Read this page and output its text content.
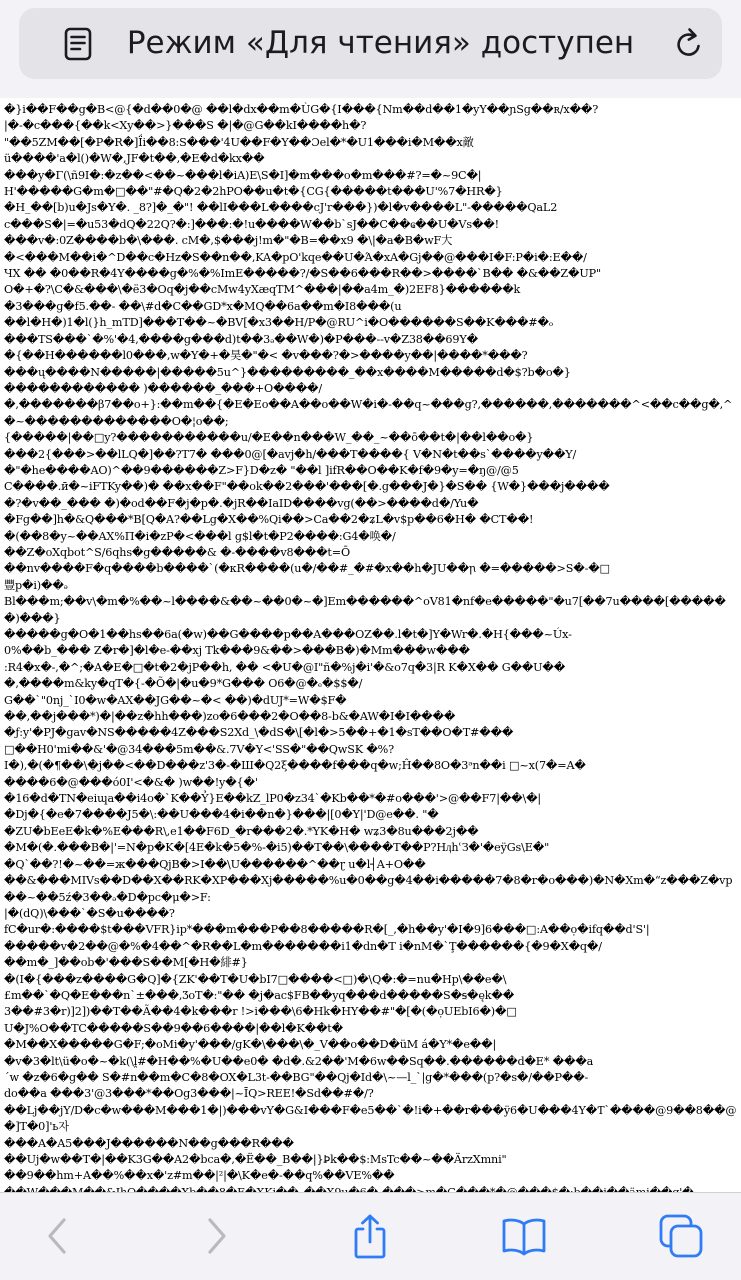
Режим «Для чтения» доступен
�}i��F��g�B<@{�d��0�@ ��l�dx��m�ÙG�{I���{Nm��d��1�yY��ɲSg��ʀ/x��?
|�-�c���{��k<Xy��>}���S �|�@G��kI����h�?
"��5ZM��[�P�R�]Ḯi��8:S���'4U��F�Y��Ɔel�*�U1���i�M��x敵
ü����'a�l()�W�,JF�t��,�E�d�kx��
���y�Γ(\ñ9I�:�z��<��~���l�iA)E\S�I]�m���o�m���#?=�~9C�|
H'�����G�m�□��"#�Q�2�2hPO��u�t�{CG{�����t���U'%7�HR�}
�H_��[b)u�Js�Y�. _8?]�_�"! ��lI���L����cJ'r���})�l�v����L"-�����QaL2
c���S�|=�u53�dQ�22Q?�:]���:�!u����W��b`sJ��C��ҩ��U�Vs��!
���v�:0Z����b�\���. cM�,$���j!m�"�B=��x9 �\|�a�B�wF大
�<���M��i�^D��c�Hz�S��n��,KA�pO'kqe��U�Ά�xA�Gj��@���I�F:P�i�:E��/
ЧX �� �0��R�4Y����g�%�%ImE�����?/�S��6���R��>����`B�� �&��Z�UP"
О�+�?\C�&���\�ё3�Oq�j��cMw4yXæqTM^���|��a4m_�)2EF8}������k
�3���g�f5.��- ��\#d�C��GD*x�MQ��6a��m�I8���(u
��l�H�)1�l(}h_mTD]���T��~�BV[�x3��H/P�@RU^i�O������S��K���#�ₒ
���TS���`�%'�4,����g���d)t��3ₔ��W�)�P���--v�Z38��69Y�
�{��H������l0���,w�Y�+�昊�"�< �v���?�>����y��|����*���?
���ų����N�����|�����5u^}���������_��x����M�����d�$?b�o�}
������������ )������_���+O����/
�,�������β7��o+}:��m��{�E�Eo��A��o��W�i�-��q~���g?,������,�������^<��c��g�,^�~�������������O�¦o��;
{�����|��□y?�����������u/�E��n���W_��_~��ō��t�|��l��o�}
���2{���>��lLQ�]��?T7� ���0@[�avj�h/���T����{ V�N�t��s`����y��Y/
�"�he����AO)^��9������Z>F}D�z� "��l ]ifR��O��K�f�9�y=�ŋ@/@5
C����.ӣ�~iFTKy��)� ��x��F"��ok��2���'���[�.g���J�}�S�� {W�}���j����
�?�v��_��� �)�od��F�j�p�.�jR��IaID����vg(��>����d�/Yu�
�Fg��]h�&Q���*B[Q�A?��Lg�X��%Qi��>Ca��2�ʑL�v$p��6�H� �CT��!
�(��8�y~��AX%П�i�zP�<���l g$l�t�P2����:G4�唤�/
��Z�oXqbot^S/6qhs�g�����& �-����v8���t=Ō
��nv����F�q����b����`(�κR����(u�/��#_�#�x��h�JU��ꞃ �=�����>S�-�□
豐p�i)��ₔ
Bl���m;��v\�m�%��~l����&��~��0�~�]Em������^oV81�nf�e�����"�u7[��7u����[������)���}
�����g�O�1��hs��6a(�w)��G����p��A���OZ��.l�t�]Y�Wr�.�H{���~Úx-
0%��b_��� Z�r�]�l�e-��xj Tk���9&��>���B�)�Mm���w���
:R4�x�-,�^;�A�E�□�t�2�jP��h, �� <�U�@I"ñ�%j�i'�&o7q�3|R K�X�� G��U��
�,����m&ky�qT�{-�Õ�|�u�9*G��� O6�@�ₑ�$$�/
G��`"0nj_`I0�w�AX��JG��~�< ��)�dUJ*=W�$F�
��,��j���*)�|��z�hh���)zo�6���2�O��8-b&�AW�I�I����
�ƒ:y'�PJ�gav�NS�����4Z���S2Xd_\�dS�\[�l�>5��+�1�sT��O�T#���
□��H0'mi��&'�@34���5m��&.7V�Y<'SS�"��QwSK �%?
I�),�(�¶��\�j��<��D���z'3�-�Ш�Q2ξ����f���q�w;Ĥ��8O�3ᵊn��i □~x(7�=A�
����6�@���ó0I'<�&� )w��!y�{�'
�16�d�TN�eiɰa��i4o�`K��Ỷ}E��kZ_lP0�z34`�Kb��*�#o���'>@��F7|��\�|
�Dj�{�e�7����J5�\:��U���4�i��n�}���|[0�Y|'D@e��. "�
�ZU�bEeE�k�%E���R\,e1��F6D_�r���2�.*YK�H� wʑ3�8u���2j��
�M�(�.���B�|'=N�p�K�[4E�k�5�%-�i5)��T��\����T��P?HӆhՙЗ�'�eÿGs\E�"
�Q`��?!�~��=ж���QjB�>I��\U������^��ɽ u�l┤A+O��
��&���MIVs��D��X��RK�XP���Xj�����%u�0��g�4��i�����7�8�r�o���)�N�Xm�“z���Z�vp��~��5ź�3��ₔ�D�pc�μ�>F:
|�(dQ)\���`�S�u����?
fC�ur�:����$t���VFR}ip*���m���P��8�����R�[_,�h��y'�I�9]6���□:A��ọ�ifq��d'S'|
�����v�2��@�%�4��^�R��L�m�������i1�dn�T i�nM�`Ţ������{�9�X�q�/
��m�_]��ob�'���S��M[�H�緋#}
�(I�{���z����G�Q]�{ZK'��T�U�bI7□����<□)�\Q�:�=nu�Hp\��e�\
£m��`�Q�E���n`±���,ƷoT�:"�� �j�ac$FB��yq���d�����S�ꟊ�ęk��
3��#3�r)]2])��T��Ã��4�k���r !>i���\6�Hk�HY��#"�[�(�ọUEbI6�)�□
U�J%O��TC�����S��9��6����|��l�K��t�
�M��X�����G�F;�oMi�y'���/gK�\���\�_V��o��D�üM á�Y*�e��|
�v�3�lt\ü�o�~�k(\ḽ#�H��%�U��e0� �d�.&2��'M�6w��Sq��.������d�E* ���a
´w �z�6�g�� S�#n��m�C�8�OX�L3t-��BG"��Qj�Id�\~—l_`|g�*���(p?�s�/��P��-
do��a ���3'@3���*��Og3���|~ĪQ>REE!�Sd��#�/?
��Lj��jY/D�c�w���M���1�|)���vY�G&I���F�e5��`�!i�+��r���ÿ6�U���4Y�Ƭ`����@9��8��@�]T�0]'ь자
���A�A5���J������N��g���R���
��Uj�w��T�|��K3G��A2�bca�,�Ë��_B��|}Ꝧk��$:MsTc��~��ÄrzXmni"
��9��hm+A��%��x�'z#m��|²|�\K�e�-��q%��VE%��
